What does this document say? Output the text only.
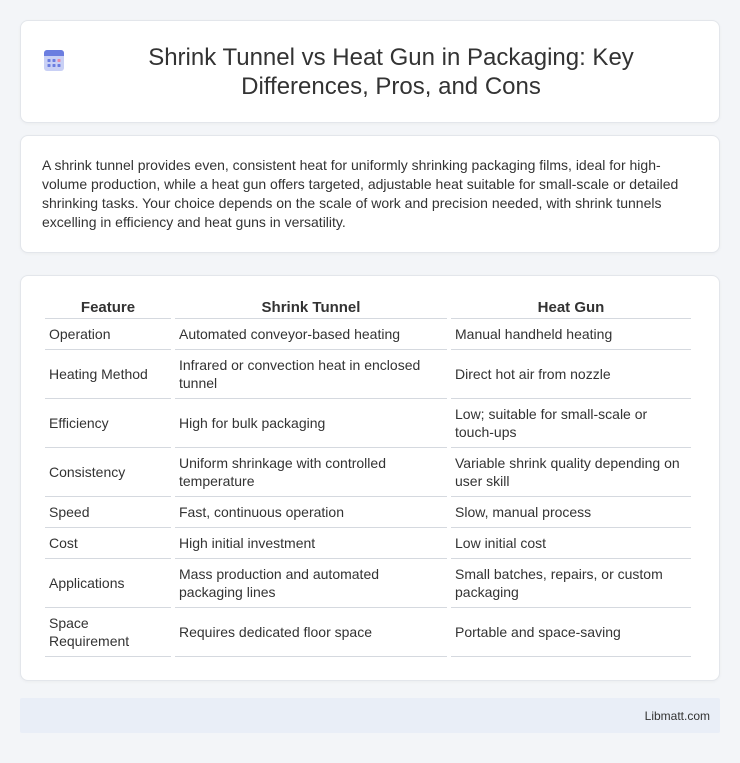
Shrink Tunnel vs Heat Gun in Packaging: Key Differences, Pros, and Cons

A shrink tunnel provides even, consistent heat for uniformly shrinking packaging films, ideal for high-volume production, while a heat gun offers targeted, adjustable heat suitable for small-scale or detailed shrinking tasks. Your choice depends on the scale of work and precision needed, with shrink tunnels excelling in efficiency and heat guns in versatility.

Feature	Shrink Tunnel	Heat Gun
Operation	Automated conveyor-based heating	Manual handheld heating
Heating Method	Infrared or convection heat in enclosed tunnel	Direct hot air from nozzle
Efficiency	High for bulk packaging	Low; suitable for small-scale or touch-ups
Consistency	Uniform shrinkage with controlled temperature	Variable shrink quality depending on user skill
Speed	Fast, continuous operation	Slow, manual process
Cost	High initial investment	Low initial cost
Applications	Mass production and automated packaging lines	Small batches, repairs, or custom packaging
Space Requirement	Requires dedicated floor space	Portable and space-saving
Libmatt.com
